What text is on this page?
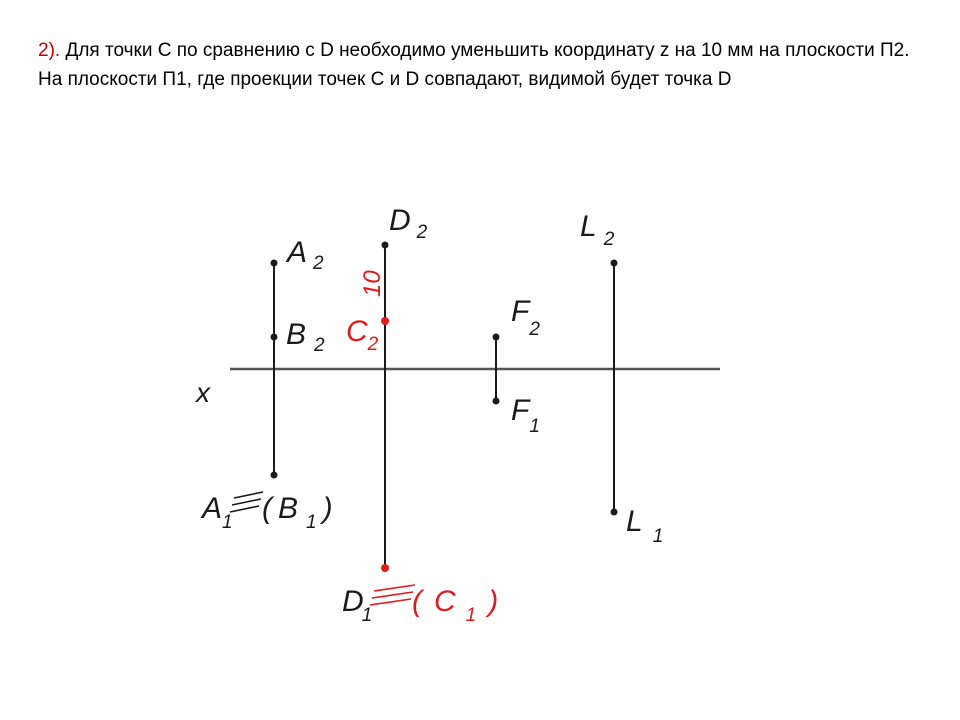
2). Для точки C по сравнению с D необходимо уменьшить координату z на 10 мм на плоскости П2. На плоскости П1, где проекции точек C и D совпадают, видимой будет точка D

x
A $_2$
B $_2$
D $_2$
$C_2$
10
$F_2$
$F_1$
L $_2$
L $_1$
$A_1$ ( B $_1$ )
D1 ( C $_1$ )
